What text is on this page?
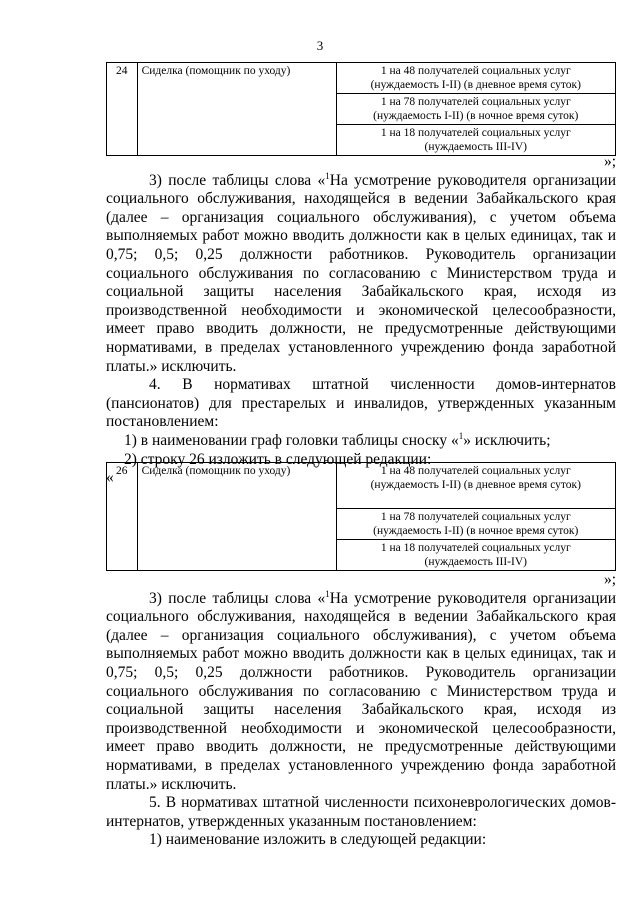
3
24	Сиделка (помощник по уходу)	1 на 48 получателей социальных услуг
(нуждаемость I-II) (в дневное время суток)
1 на 78 получателей социальных услуг
(нуждаемость I-II) (в ночное время суток)
1 на 18 получателей социальных услуг
(нуждаемость III-IV)

»;

3) после таблицы слова «$^1$На усмотрение руководителя организации социального обслуживания, находящейся в ведении Забайкальского края (далее – организация социального обслуживания), с учетом объема выполняемых работ можно вводить должности как в целых единицах, так и 0,75; 0,5; 0,25 должности работников. Руководитель организации социального обслуживания по согласованию с Министерством труда и социальной защиты населения Забайкальского края, исходя из производственной необходимости и экономической целесообразности, имеет право вводить должности, не предусмотренные действующими нормативами, в пределах установленного учреждению фонда заработной платы.» исключить.

4. В нормативах штатной численности домов-интернатов (пансионатов) для престарелых и инвалидов, утвержденных указанным постановлением:

1) в наименовании граф головки таблицы сноску «$^1$» исключить;

2) строку 26 изложить в следующей редакции:

« 26	Сиделка (помощник по уходу)	1 на 48 получателей социальных услуг
(нуждаемость I-II) (в дневное время суток)
1 на 78 получателей социальных услуг
(нуждаемость I-II) (в ночное время суток)
1 на 18 получателей социальных услуг
(нуждаемость III-IV)

»;

3) после таблицы слова «$^1$На усмотрение руководителя организации социального обслуживания, находящейся в ведении Забайкальского края (далее – организация социального обслуживания), с учетом объема выполняемых работ можно вводить должности как в целых единицах, так и 0,75; 0,5; 0,25 должности работников. Руководитель организации социального обслуживания по согласованию с Министерством труда и социальной защиты населения Забайкальского края, исходя из производственной необходимости и экономической целесообразности, имеет право вводить должности, не предусмотренные действующими нормативами, в пределах установленного учреждению фонда заработной платы.» исключить.

5. В нормативах штатной численности психоневрологических домов-интернатов, утвержденных указанным постановлением:

1) наименование изложить в следующей редакции:
